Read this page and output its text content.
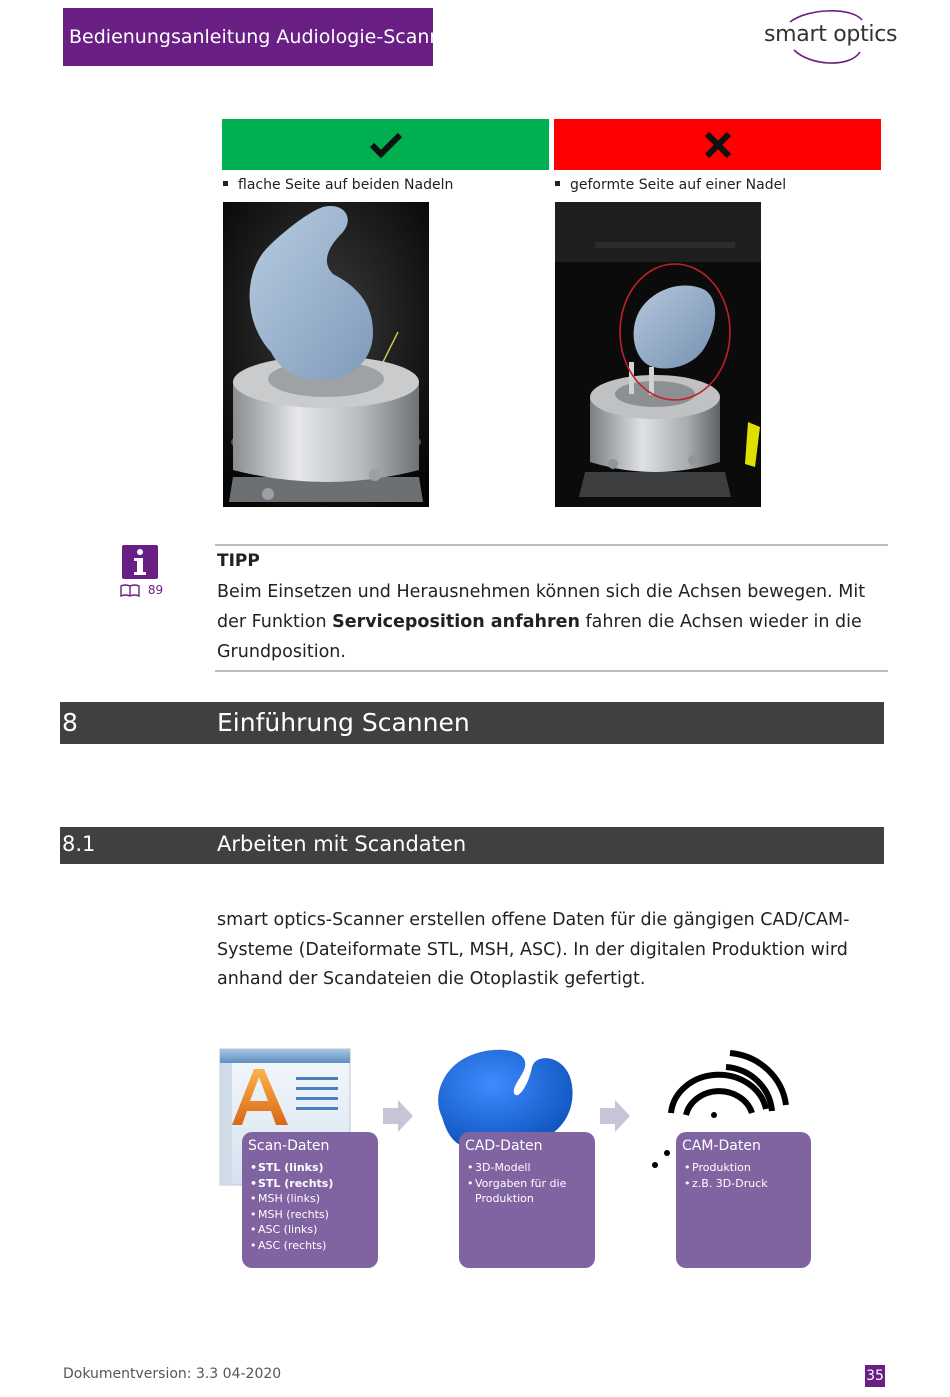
Bedienungsanleitung Audiologie-Scanner	smart optics
flache Seite auf beiden Nadeln	geformte Seite auf einer Nadel
89
TIPP
Beim Einsetzen und Herausnehmen können sich die Achsen bewegen. Mit der Funktion Serviceposition anfahren fahren die Achsen wieder in die Grundposition.
8	Einführung Scannen
8.1	Arbeiten mit Scandaten
smart optics-Scanner erstellen offene Daten für die gängigen CAD/CAM-Systeme (Dateiformate STL, MSH, ASC). In der digitalen Produktion wird anhand der Scandateien die Otoplastik gefertigt.
Scan-Daten
• STL (links)
• STL (rechts)
• MSH (links)
• MSH (rechts)
• ASC (links)
• ASC (rechts)
CAD-Daten
• 3D-Modell
• Vorgaben für die Produktion
CAM-Daten
• Produktion
• z.B. 3D-Druck
Dokumentversion: 3.3 04-2020	35
